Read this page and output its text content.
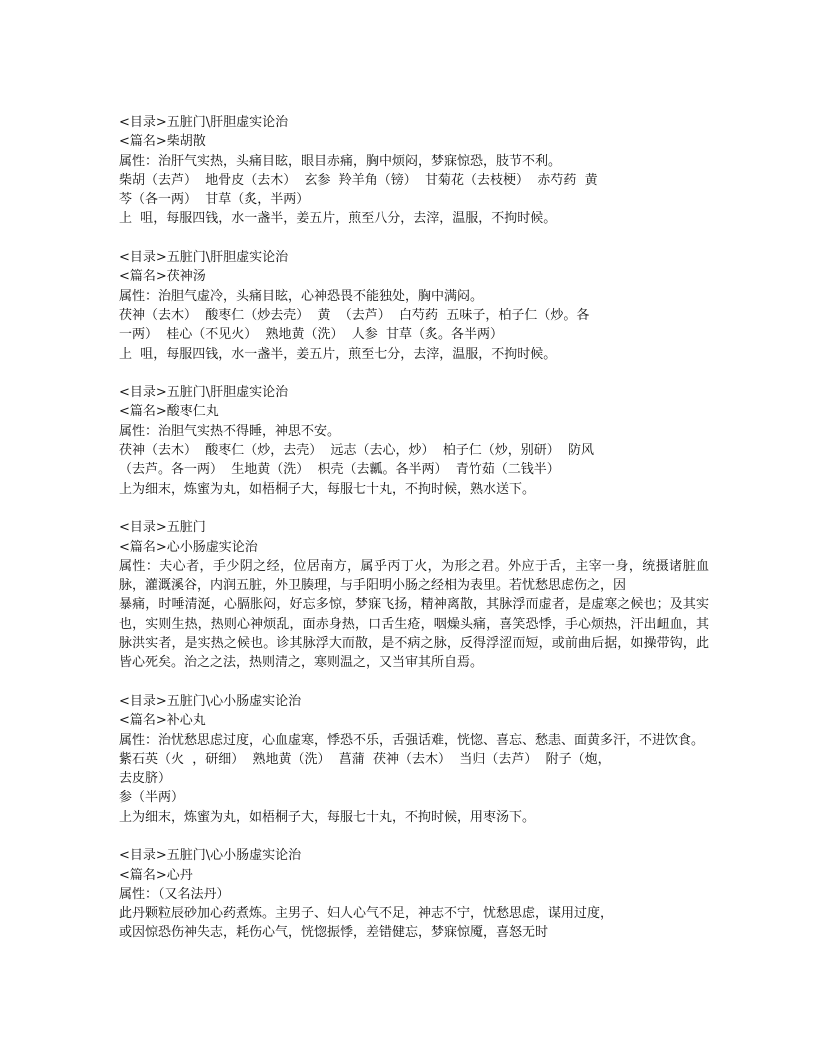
<目录>五脏门\肝胆虚实论治
<篇名>柴胡散
属性：治肝气实热，头痛目眩，眼目赤痛，胸中烦闷，梦寐惊恐，肢节不利。
柴胡（去芦）  地骨皮（去木）  玄参  羚羊角（镑）  甘菊花（去枝梗）  赤芍药  黄
芩（各一两）  甘草（炙，半两）
上  咀，每服四钱，水一盏半，姜五片，煎至八分，去滓，温服，不拘时候。
<目录>五脏门\肝胆虚实论治
<篇名>茯神汤
属性：治胆气虚冷，头痛目眩，心神恐畏不能独处，胸中满闷。
茯神（去木）  酸枣仁（炒去壳）  黄  （去芦）  白芍药  五味子，柏子仁（炒。各
一两）  桂心（不见火）  熟地黄（洗）  人参  甘草（炙。各半两）
上  咀，每服四钱，水一盏半，姜五片，煎至七分，去滓，温服，不拘时候。
<目录>五脏门\肝胆虚实论治
<篇名>酸枣仁丸
属性：治胆气实热不得睡，神思不安。
茯神（去木）  酸枣仁（炒，去壳）  远志（去心，炒）  柏子仁（炒，别研）  防风
（去芦。各一两）  生地黄（洗）  枳壳（去瓤。各半两）  青竹茹（二钱半）
上为细末，炼蜜为丸，如梧桐子大，每服七十丸，不拘时候，熟水送下。
<目录>五脏门
<篇名>心小肠虚实论治
属性：夫心者，手少阴之经，位居南方，属乎丙丁火，为形之君。外应于舌，主宰一身，统摄诸脏血脉，灌溉溪谷，内润五脏，外卫腠理，与手阳明小肠之经相为表里。若忧愁思虑伤之，因
暴痛，时唾清涎，心膈胀闷，好忘多惊，梦寐飞扬，精神离散，其脉浮而虚者，是虚寒之候也；及其实也，实则生热，热则心神烦乱，面赤身热，口舌生疮，咽燥头痛，喜笑恐悸，手心烦热，汗出衄血，其脉洪实者，是实热之候也。诊其脉浮大而散，是不病之脉，反得浮涩而短，或前曲后据，如操带钩，此皆心死矣。治之之法，热则清之，寒则温之，又当审其所自焉。
<目录>五脏门\心小肠虚实论治
<篇名>补心丸
属性：治忧愁思虑过度，心血虚寒，悸恐不乐，舌强话难，恍惚、喜忘、愁恚、面黄多汗，不进饮食。
紫石英（火  ，研细）  熟地黄（洗）  菖蒲  茯神（去木）  当归（去芦）  附子（炮，
去皮脐）
参（半两）
上为细末，炼蜜为丸，如梧桐子大，每服七十丸，不拘时候，用枣汤下。
<目录>五脏门\心小肠虚实论治
<篇名>心丹
属性：（又名法丹）
此丹颗粒辰砂加心药煮炼。主男子、妇人心气不足，神志不宁，忧愁思虑，谋用过度，
或因惊恐伤神失志，耗伤心气，恍惚振悸，差错健忘，梦寐惊魇，喜怒无时
